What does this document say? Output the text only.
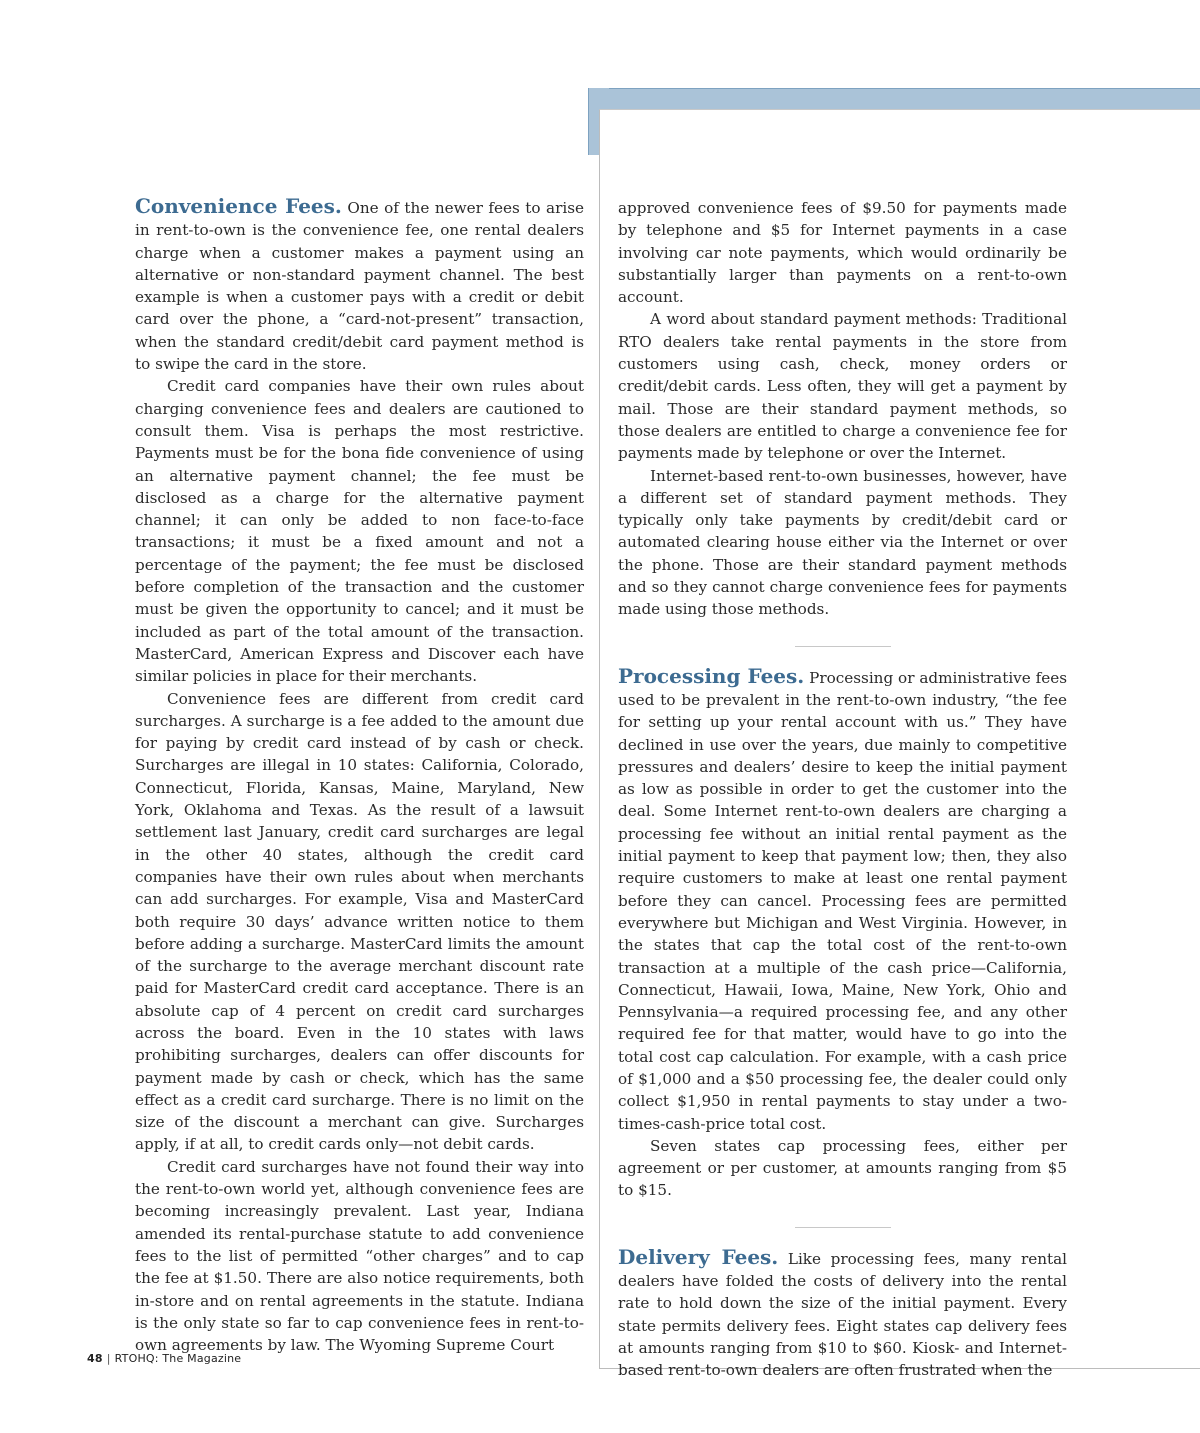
Convenience Fees. One of the newer fees to arise in rent-to-own is the convenience fee, one rental dealers charge when a customer makes a payment using an alternative or non-standard payment channel. The best example is when a customer pays with a credit or debit card over the phone, a “card-not-present” transaction, when the standard credit/debit card payment method is to swipe the card in the store.

Credit card companies have their own rules about charging convenience fees and dealers are cautioned to consult them. Visa is perhaps the most restrictive. Payments must be for the bona fide convenience of using an alternative payment channel; the fee must be disclosed as a charge for the alternative payment channel; it can only be added to non face-to-face transactions; it must be a fixed amount and not a percentage of the payment; the fee must be disclosed before completion of the transaction and the customer must be given the opportunity to cancel; and it must be included as part of the total amount of the transaction. MasterCard, American Express and Discover each have similar policies in place for their merchants.

Convenience fees are different from credit card surcharges. A surcharge is a fee added to the amount due for paying by credit card instead of by cash or check. Surcharges are illegal in 10 states: California, Colorado, Connecticut, Florida, Kansas, Maine, Maryland, New York, Oklahoma and Texas. As the result of a lawsuit settlement last January, credit card surcharges are legal in the other 40 states, although the credit card companies have their own rules about when merchants can add surcharges. For example, Visa and MasterCard both require 30 days’ advance written notice to them before adding a surcharge. MasterCard limits the amount of the surcharge to the average merchant discount rate paid for MasterCard credit card acceptance. There is an absolute cap of 4 percent on credit card surcharges across the board. Even in the 10 states with laws prohibiting surcharges, dealers can offer discounts for payment made by cash or check, which has the same effect as a credit card surcharge. There is no limit on the size of the discount a merchant can give. Surcharges apply, if at all, to credit cards only—not debit cards.

Credit card surcharges have not found their way into the rent-to-own world yet, although convenience fees are becoming increasingly prevalent. Last year, Indiana amended its rental-purchase statute to add convenience fees to the list of permitted “other charges” and to cap the fee at $1.50. There are also notice requirements, both in-store and on rental agreements in the statute. Indiana is the only state so far to cap convenience fees in rent-to-own agreements by law. The Wyoming Supreme Court

approved convenience fees of $9.50 for payments made by telephone and $5 for Internet payments in a case involving car note payments, which would ordinarily be substantially larger than payments on a rent-to-own account.

A word about standard payment methods: Traditional RTO dealers take rental payments in the store from customers using cash, check, money orders or credit/debit cards. Less often, they will get a payment by mail. Those are their standard payment methods, so those dealers are entitled to charge a convenience fee for payments made by telephone or over the Internet.

Internet-based rent-to-own businesses, however, have a different set of standard payment methods. They typically only take payments by credit/debit card or automated clearing house either via the Internet or over the phone. Those are their standard payment methods and so they cannot charge convenience fees for payments made using those methods.

Processing Fees. Processing or administrative fees used to be prevalent in the rent-to-own industry, “the fee for setting up your rental account with us.” They have declined in use over the years, due mainly to competitive pressures and dealers’ desire to keep the initial payment as low as possible in order to get the customer into the deal. Some Internet rent-to-own dealers are charging a processing fee without an initial rental payment as the initial payment to keep that payment low; then, they also require customers to make at least one rental payment before they can cancel. Processing fees are permitted everywhere but Michigan and West Virginia. However, in the states that cap the total cost of the rent-to-own transaction at a multiple of the cash price—California, Connecticut, Hawaii, Iowa, Maine, New York, Ohio and Pennsylvania—a required processing fee, and any other required fee for that matter, would have to go into the total cost cap calculation. For example, with a cash price of $1,000 and a $50 processing fee, the dealer could only collect $1,950 in rental payments to stay under a two-times-cash-price total cost.

Seven states cap processing fees, either per agreement or per customer, at amounts ranging from $5 to $15.

Delivery Fees. Like processing fees, many rental dealers have folded the costs of delivery into the rental rate to hold down the size of the initial payment. Every state permits delivery fees. Eight states cap delivery fees at amounts ranging from $10 to $60. Kiosk- and Internet-based rent-to-own dealers are often frustrated when the

48 | RTOHQ: The Magazine
